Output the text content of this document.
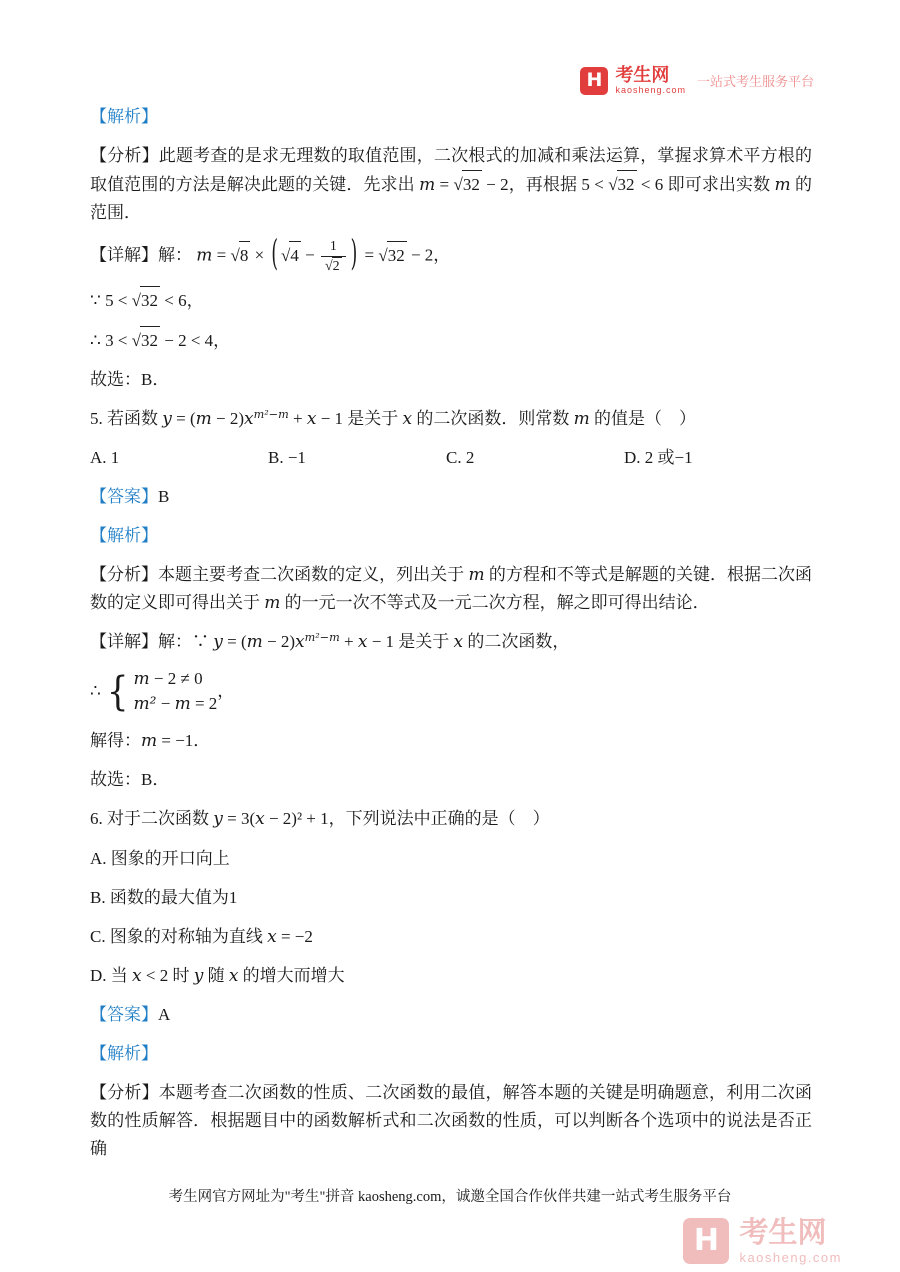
H 考生网
kaosheng.com
一站式考生服务平台
【解析】
【分析】此题考查的是求无理数的取值范围，二次根式的加减和乘法运算，掌握求算术平方根的取值范围的方法是解决此题的关键．先求出 m = √32 − 2，再根据 5 < √32 < 6 即可求出实数 m 的范围．
【详解】解： m = √8 × ( $√4 - \frac{1}{√2}$ ) = √32 − 2，
∵ 5 < √32 < 6，
∴ 3 < √32 − 2 < 4，
故选：B．
5. 若函数 $y = (m - 2)x^{m^2-m} + x - 1$ 是关于 x 的二次函数．则常数 m 的值是（　）
A. 1	B. −1	C. 2	D. 2 或−1
【答案】B
【解析】
【分析】本题主要考查二次函数的定义，列出关于 m 的方程和不等式是解题的关键．根据二次函数的定义即可得出关于 m 的一元一次不等式及一元二次方程，解之即可得出结论．
【详解】解：∵ $y = (m - 2)x^{m^2-m} + x - 1$ 是关于 x 的二次函数，
∴ { m − 2 ≠ 0
m² − m = 2
，
解得：m = −1．
故选：B．
6. 对于二次函数 y = 3(x − 2)² + 1，下列说法中正确的是（　）
A. 图象的开口向上
B. 函数的最大值为1
C. 图象的对称轴为直线 x = −2
D. 当 x < 2 时 y 随 x 的增大而增大
【答案】A
【解析】
【分析】本题考查二次函数的性质、二次函数的最值，解答本题的关键是明确题意，利用二次函数的性质解答．根据题目中的函数解析式和二次函数的性质，可以判断各个选项中的说法是否正确
考生网官方网址为"考生"拼音 kaosheng.com，诚邀全国合作伙伴共建一站式考生服务平台
H 考生网
kaosheng.com
